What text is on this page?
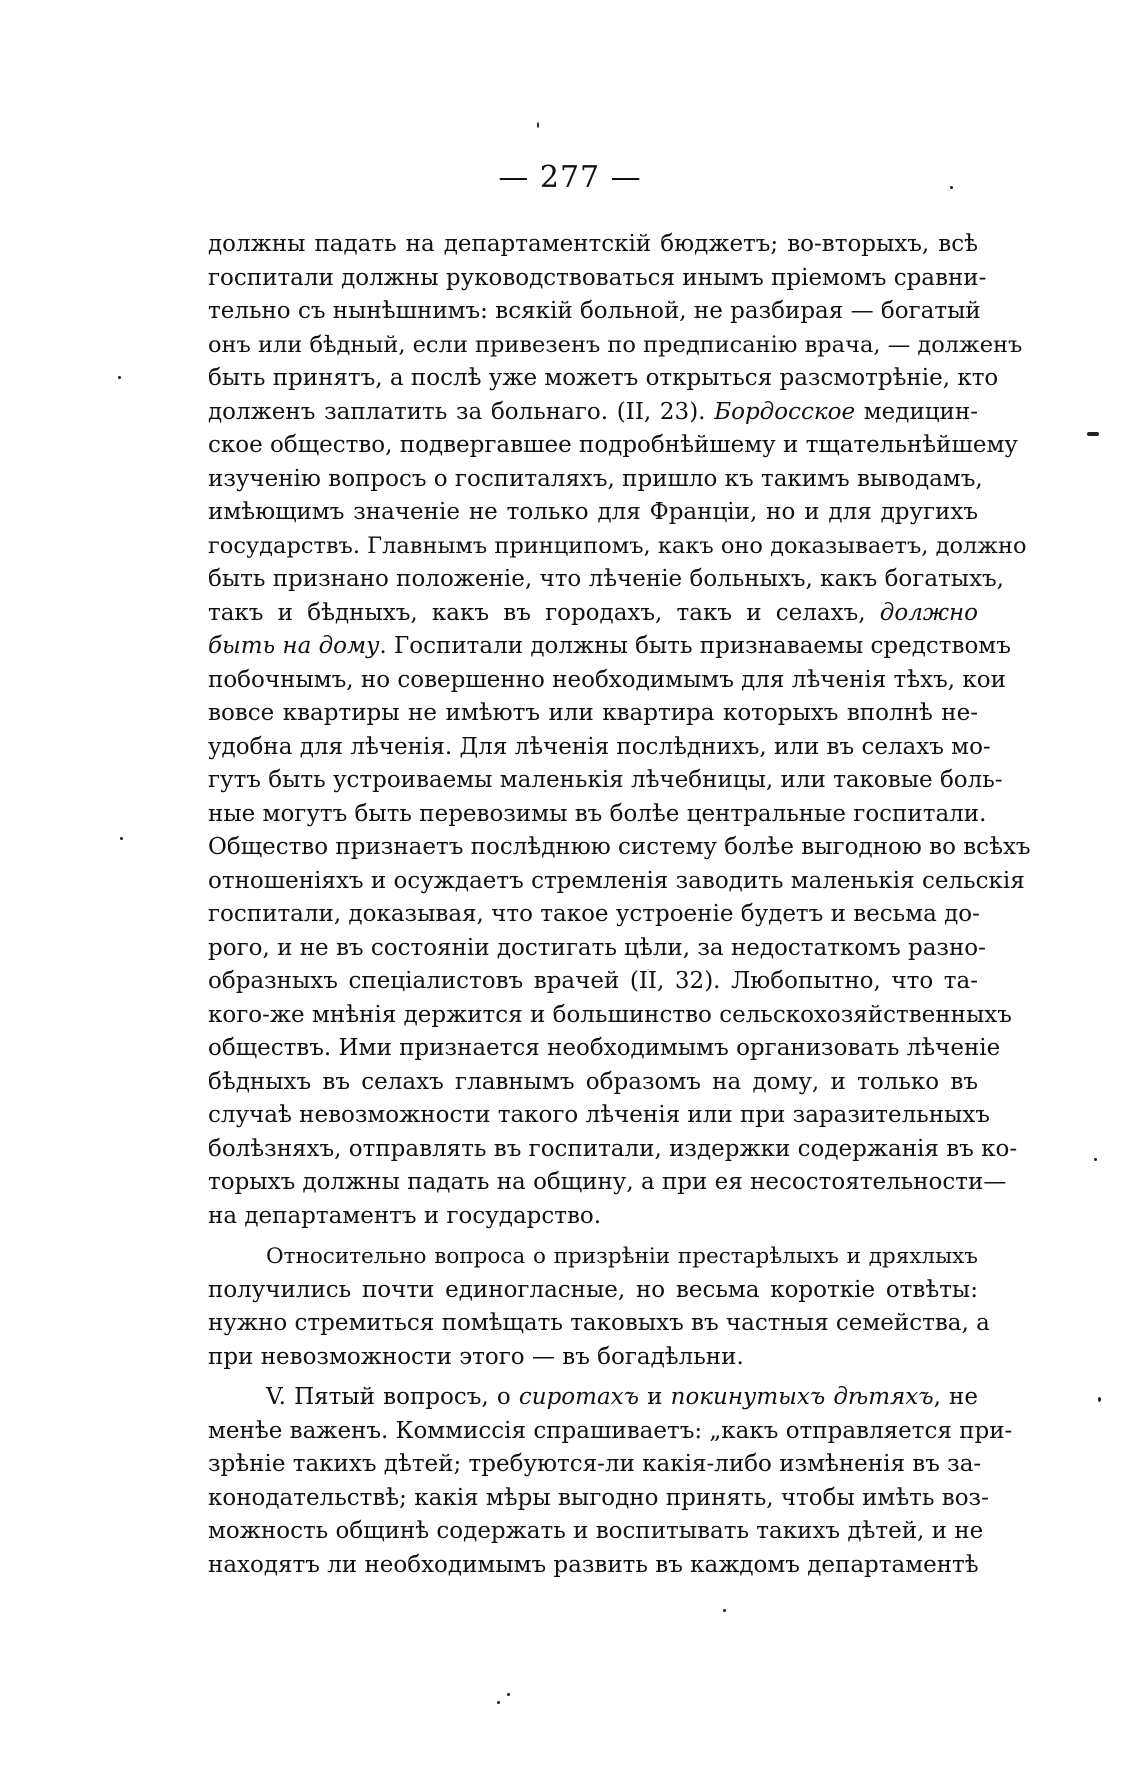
— 277 —
должны падать на департаментскій бюджетъ; во-вторыхъ, всѣ
госпитали должны руководствоваться инымъ пріемомъ сравни-
тельно съ нынѣшнимъ: всякій больной, не разбирая — богатый
онъ или бѣдный, если привезенъ по предписанію врача, — долженъ
быть принятъ, а послѣ уже можетъ открыться разсмотрѣніе, кто
долженъ заплатить за больнаго. (II, 23). Бордосское медицин-
ское общество, подвергавшее подробнѣйшему и тщательнѣйшему
изученію вопросъ о госпиталяхъ, пришло къ такимъ выводамъ,
имѣющимъ значеніе не только для Франціи, но и для другихъ
государствъ. Главнымъ принципомъ, какъ оно доказываетъ, должно
быть признано положеніе, что лѣченіе больныхъ, какъ богатыхъ,
такъ и бѣдныхъ, какъ въ городахъ, такъ и селахъ, должно
быть на дому. Госпитали должны быть признаваемы средствомъ
побочнымъ, но совершенно необходимымъ для лѣченія тѣхъ, кои
вовсе квартиры не имѣютъ или квартира которыхъ вполнѣ не-
удобна для лѣченія. Для лѣченія послѣднихъ, или въ селахъ мо-
гутъ быть устроиваемы маленькія лѣчебницы, или таковые боль-
ные могутъ быть перевозимы въ болѣе центральные госпитали.
Общество признаетъ послѣднюю систему болѣе выгодною во всѣхъ
отношеніяхъ и осуждаетъ стремленія заводить маленькія сельскія
госпитали, доказывая, что такое устроеніе будетъ и весьма до-
рого, и не въ состояніи достигать цѣли, за недостаткомъ разно-
образныхъ спеціалистовъ врачей (II, 32). Любопытно, что та-
кого-же мнѣнія держится и большинство сельскохозяйственныхъ
обществъ. Ими признается необходимымъ организовать лѣченіе
бѣдныхъ въ селахъ главнымъ образомъ на дому, и только въ
случаѣ невозможности такого лѣченія или при заразительныхъ
болѣзняхъ, отправлять въ госпитали, издержки содержанія въ ко-
торыхъ должны падать на общину, а при ея несостоятельности—
на департаментъ и государство.
Относительно вопроса о призрѣніи престарѣлыхъ и дряхлыхъ
получились почти единогласные, но весьма короткіе отвѣты:
нужно стремиться помѣщать таковыхъ въ частныя семейства, а
при невозможности этого — въ богадѣльни.
V. Пятый вопросъ, о сиротахъ и покинутыхъ дѣтяхъ, не
менѣе важенъ. Коммиссія спрашиваетъ: „какъ отправляется при-
зрѣніе такихъ дѣтей; требуются-ли какія-либо измѣненія въ за-
конодательствѣ; какія мѣры выгодно принять, чтобы имѣть воз-
можность общинѣ содержать и воспитывать такихъ дѣтей, и не
находятъ ли необходимымъ развить въ каждомъ департаментѣ
